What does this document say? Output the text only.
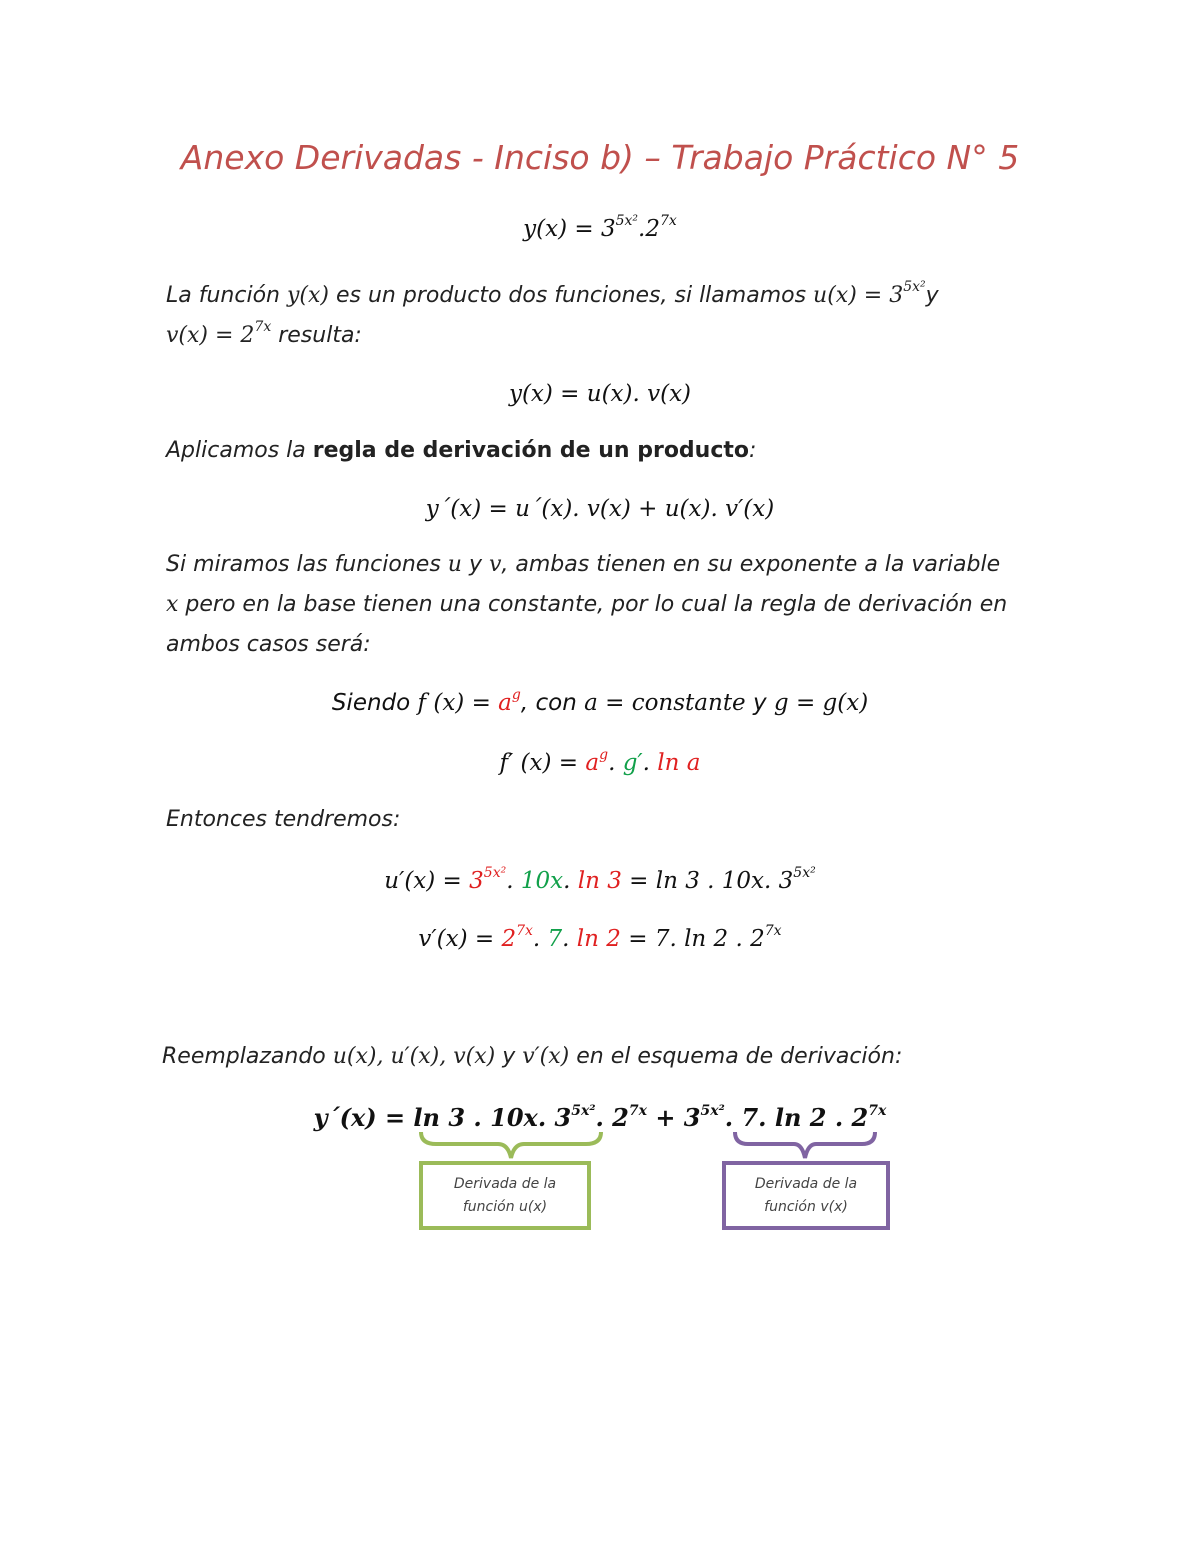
Anexo Derivadas - Inciso b) – Trabajo Práctico N° 5
$y(x) = 3^{5x^2}.2^{7x}$
La función y(x) es un producto dos funciones, si llamamos $u(x) = 3^{5x^2}y$
$v(x) = 2^{7x}$ resulta:
y(x) = u(x). v(x)
Aplicamos la regla de derivación de un producto:
y´(x) = u´(x). v(x) + u(x). v′(x)
Si miramos las funciones u y v, ambas tienen en su exponente a la variable
x pero en la base tienen una constante, por lo cual la regla de derivación en ambos casos será:
Siendo f $(x) = a^g$, con a = constante y g = g(x)
f′ $(x) = a^g$. g′. ln a
Entonces tendremos:
$u'(x) = 3^{5x^2}$. 10x. ln 3 = ln 3 . 10x. $3^{5x^2}$
$v'(x) = 2^{7x}$. 7. ln 2 = 7. ln 2 . $2^{7x}$
Reemplazando u(x), u′(x), v(x) y v′(x) en el esquema de derivación:
y´(x) = ln 3 . 10x. $3^{5x^2}$. $2^{7x} + 3^{5x^2}$. 7. ln 2 . $2^{7x}$
Derivada de la
función u(x)
Derivada de la
función v(x)
